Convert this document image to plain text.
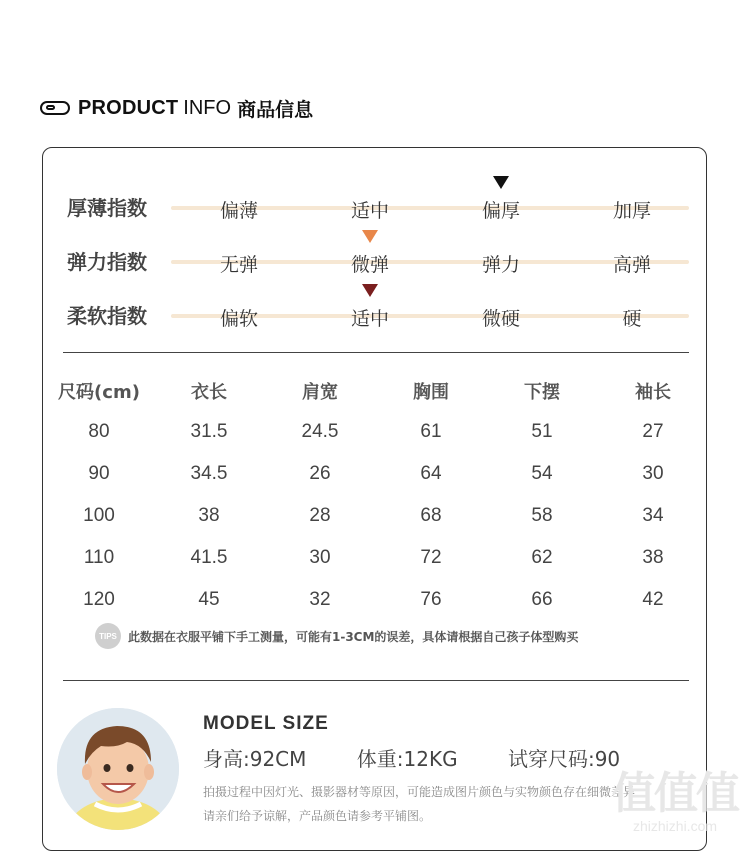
PRODUCT INFO 商品信息
厚薄指数	偏薄	适中	偏厚	加厚
弹力指数	无弹	微弹	弹力	高弹
柔软指数	偏软	适中	微硬	硬
尺码(cm)	衣长	肩宽	胸围	下摆	袖长
80	31.5	24.5	61	51	27
90	34.5	26	64	54	30
100	38	28	68	58	34
110	41.5	30	72	62	38
120	45	32	76	66	42
TIPS 此数据在衣服平铺下手工测量，可能有1-3CM的误差，具体请根据自己孩子体型购买
MODEL SIZE
身高:92CM	体重:12KG	试穿尺码:90
拍摄过程中因灯光、摄影器材等原因，可能造成图片颜色与实物颜色存在细微差异
请亲们给予谅解，产品颜色请参考平铺图。	值值值
zhizhizhi.com
